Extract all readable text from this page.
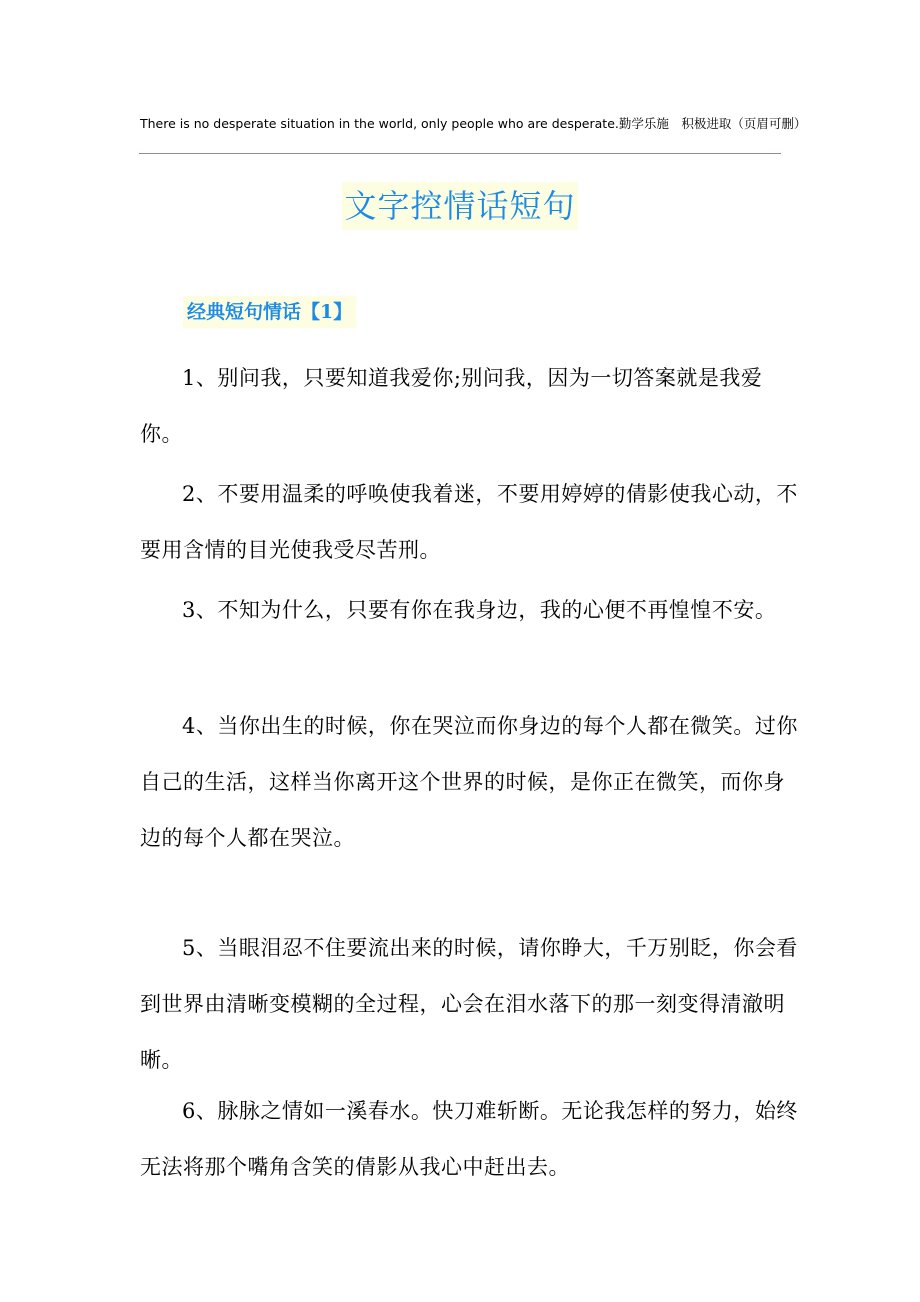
There is no desperate situation in the world, only people who are desperate.勤学乐施　积极进取（页眉可删）
文字控情话短句
经典短句情话【1】
1、别问我，只要知道我爱你;别问我，因为一切答案就是我爱你。
2、不要用温柔的呼唤使我着迷，不要用婷婷的倩影使我心动，不要用含情的目光使我受尽苦刑。
3、不知为什么，只要有你在我身边，我的心便不再惶惶不安。
4、当你出生的时候，你在哭泣而你身边的每个人都在微笑。过你自己的生活，这样当你离开这个世界的时候，是你正在微笑，而你身边的每个人都在哭泣。
5、当眼泪忍不住要流出来的时候，请你睁大，千万别眨，你会看到世界由清晰变模糊的全过程，心会在泪水落下的那一刻变得清澈明晰。
6、脉脉之情如一溪春水。快刀难斩断。无论我怎样的努力，始终无法将那个嘴角含笑的倩影从我心中赶出去。
